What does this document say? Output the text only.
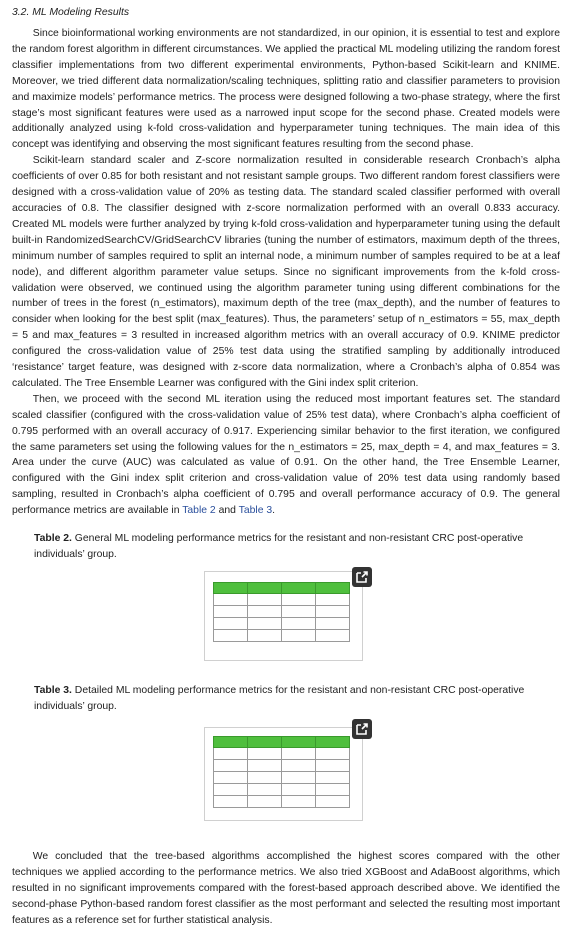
3.2. ML Modeling Results

Since bioinformational working environments are not standardized, in our opinion, it is essential to test and explore the random forest algorithm in different circumstances. We applied the practical ML modeling utilizing the random forest classifier implementations from two different experimental environments, Python-based Scikit-learn and KNIME. Moreover, we tried different data normalization/scaling techniques, splitting ratio and classifier parameters to provision and maximize models’ performance metrics. The process were designed following a two-phase strategy, where the first stage’s most significant features were used as a narrowed input scope for the second phase. Created models were additionally analyzed using k-fold cross-validation and hyperparameter tuning techniques. The main idea of this concept was identifying and observing the most significant features resulting from the second phase.

Scikit-learn standard scaler and Z-score normalization resulted in considerable research Cronbach’s alpha coefficients of over 0.85 for both resistant and not resistant sample groups. Two different random forest classifiers were designed with a cross-validation value of 20% as testing data. The standard scaled classifier performed with overall accuracies of 0.8. The classifier designed with z-score normalization performed with an overall 0.833 accuracy. Created ML models were further analyzed by trying k-fold cross-validation and hyperparameter tuning using the default built-in RandomizedSearchCV/GridSearchCV libraries (tuning the number of estimators, maximum depth of the threes, minimum number of samples required to split an internal node, a minimum number of samples required to be at a leaf node), and different algorithm parameter value setups. Since no significant improvements from the k-fold cross-validation were observed, we continued using the algorithm parameter tuning using different combinations for the number of trees in the forest (n_estimators), maximum depth of the tree (max_depth), and the number of features to consider when looking for the best split (max_features). Thus, the parameters’ setup of n_estimators = 55, max_depth = 5 and max_features = 3 resulted in increased algorithm metrics with an overall accuracy of 0.9. KNIME predictor configured the cross-validation value of 25% test data using the stratified sampling by additionally introduced ‘resistance’ target feature, was designed with z-score data normalization, where a Cronbach’s alpha of 0.854 was calculated. The Tree Ensemble Learner was configured with the Gini index split criterion.

Then, we proceed with the second ML iteration using the reduced most important features set. The standard scaled classifier (configured with the cross-validation value of 25% test data), where Cronbach’s alpha coefficient of 0.795 performed with an overall accuracy of 0.917. Experiencing similar behavior to the first iteration, we configured the same parameters set using the following values for the n_estimators = 25, max_depth = 4, and max_features = 3. Area under the curve (AUC) was calculated as value of 0.91. On the other hand, the Tree Ensemble Learner, configured with the Gini index split criterion and cross-validation value of 20% test data using randomly based sampling, resulted in Cronbach’s alpha coefficient of 0.795 and overall performance accuracy of 0.9. The general performance metrics are available in Table 2 and Table 3.

Table 2. General ML modeling performance metrics for the resistant and non-resistant CRC post-operative individuals’ group.

Table 3. Detailed ML modeling performance metrics for the resistant and non-resistant CRC post-operative individuals’ group.

We concluded that the tree-based algorithms accomplished the highest scores compared with the other techniques we applied according to the performance metrics. We also tried XGBoost and AdaBoost algorithms, which resulted in no significant improvements compared with the forest-based approach described above. We identified the second-phase Python-based random forest classifier as the most performant and selected the resulting most important features as a reference set for further statistical analysis.
